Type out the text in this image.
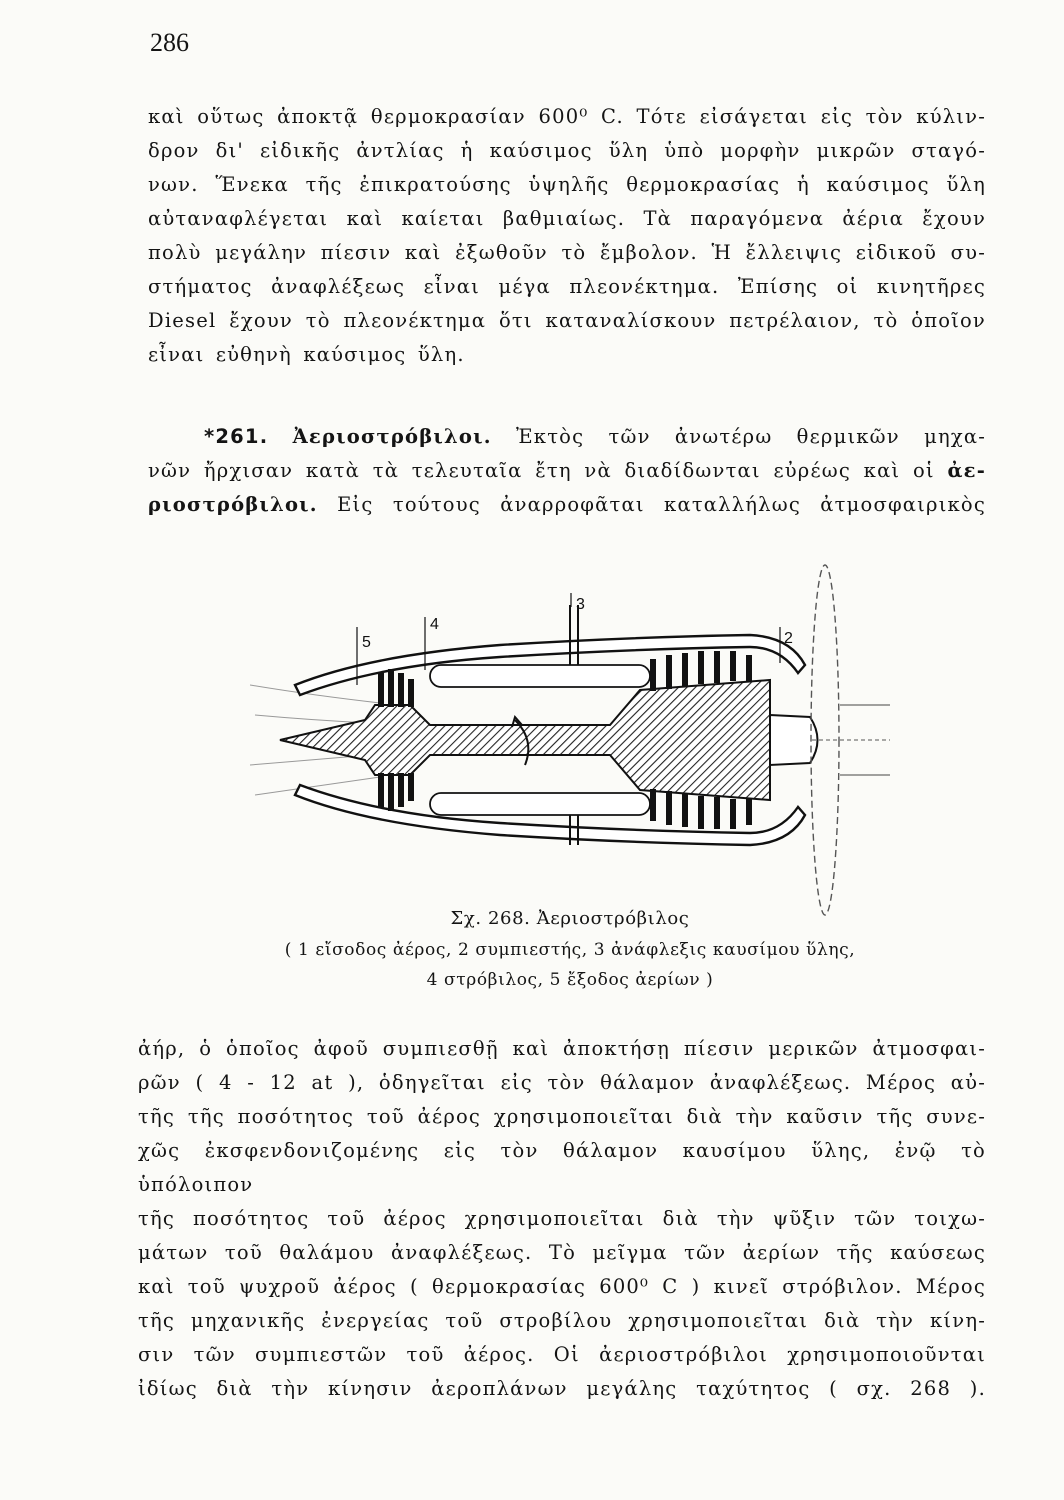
286
καὶ οὕτως ἀποκτᾷ θερμοκρασίαν 600⁰ C. Τότε εἰσάγεται εἰς τὸν κύλιν-
δρον δι' εἰδικῆς ἀντλίας ἡ καύσιμος ὕλη ὑπὸ μορφὴν μικρῶν σταγό-
νων. Ἕνεκα τῆς ἐπικρατούσης ὑψηλῆς θερμοκρασίας ἡ καύσιμος ὕλη
αὐταναφλέγεται καὶ καίεται βαθμιαίως. Τὰ παραγόμενα ἀέρια ἔχουν
πολὺ μεγάλην πίεσιν καὶ ἐξωθοῦν τὸ ἔμβολον. Ἡ ἔλλειψις εἰδικοῦ συ-
στήματος ἀναφλέξεως εἶναι μέγα πλεονέκτημα. Ἐπίσης οἱ κινητῆρες
Diesel ἔχουν τὸ πλεονέκτημα ὅτι καταναλίσκουν πετρέλαιον, τὸ ὁποῖον
εἶναι εὐθηνὴ καύσιμος ὕλη.
*261. Ἀεριοστρόβιλοι. Ἐκτὸς τῶν ἀνωτέρω θερμικῶν μηχα-
νῶν ἤρχισαν κατὰ τὰ τελευταῖα ἔτη νὰ διαδίδωνται εὐρέως καὶ οἱ ἀε-
ριοστρόβιλοι. Εἰς τούτους ἀναρροφᾶται καταλλήλως ἀτμοσφαιρικὸς
5
4
3
2
Σχ. 268. Ἀεριοστρόβιλος
( 1 εἴσοδος ἀέρος, 2 συμπιεστής, 3 ἀνάφλεξις καυσίμου ὕλης,
4 στρόβιλος, 5 ἔξοδος ἀερίων )
ἀήρ, ὁ ὁποῖος ἀφοῦ συμπιεσθῇ καὶ ἀποκτήσῃ πίεσιν μερικῶν ἀτμοσφαι-
ρῶν ( 4 - 12 at ), ὁδηγεῖται εἰς τὸν θάλαμον ἀναφλέξεως. Μέρος αὐ-
τῆς τῆς ποσότητος τοῦ ἀέρος χρησιμοποιεῖται διὰ τὴν καῦσιν τῆς συνε-
χῶς ἐκσφενδονιζομένης εἰς τὸν θάλαμον καυσίμου ὕλης, ἐνῷ τὸ ὑπόλοιπον
τῆς ποσότητος τοῦ ἀέρος χρησιμοποιεῖται διὰ τὴν ψῦξιν τῶν τοιχω-
μάτων τοῦ θαλάμου ἀναφλέξεως. Τὸ μεῖγμα τῶν ἀερίων τῆς καύσεως
καὶ τοῦ ψυχροῦ ἀέρος ( θερμοκρασίας 600⁰ C ) κινεῖ στρόβιλον. Μέρος
τῆς μηχανικῆς ἐνεργείας τοῦ στροβίλου χρησιμοποιεῖται διὰ τὴν κίνη-
σιν τῶν συμπιεστῶν τοῦ ἀέρος. Οἱ ἀεριοστρόβιλοι χρησιμοποιοῦνται
ἰδίως διὰ τὴν κίνησιν ἀεροπλάνων μεγάλης ταχύτητος ( σχ. 268 ).
